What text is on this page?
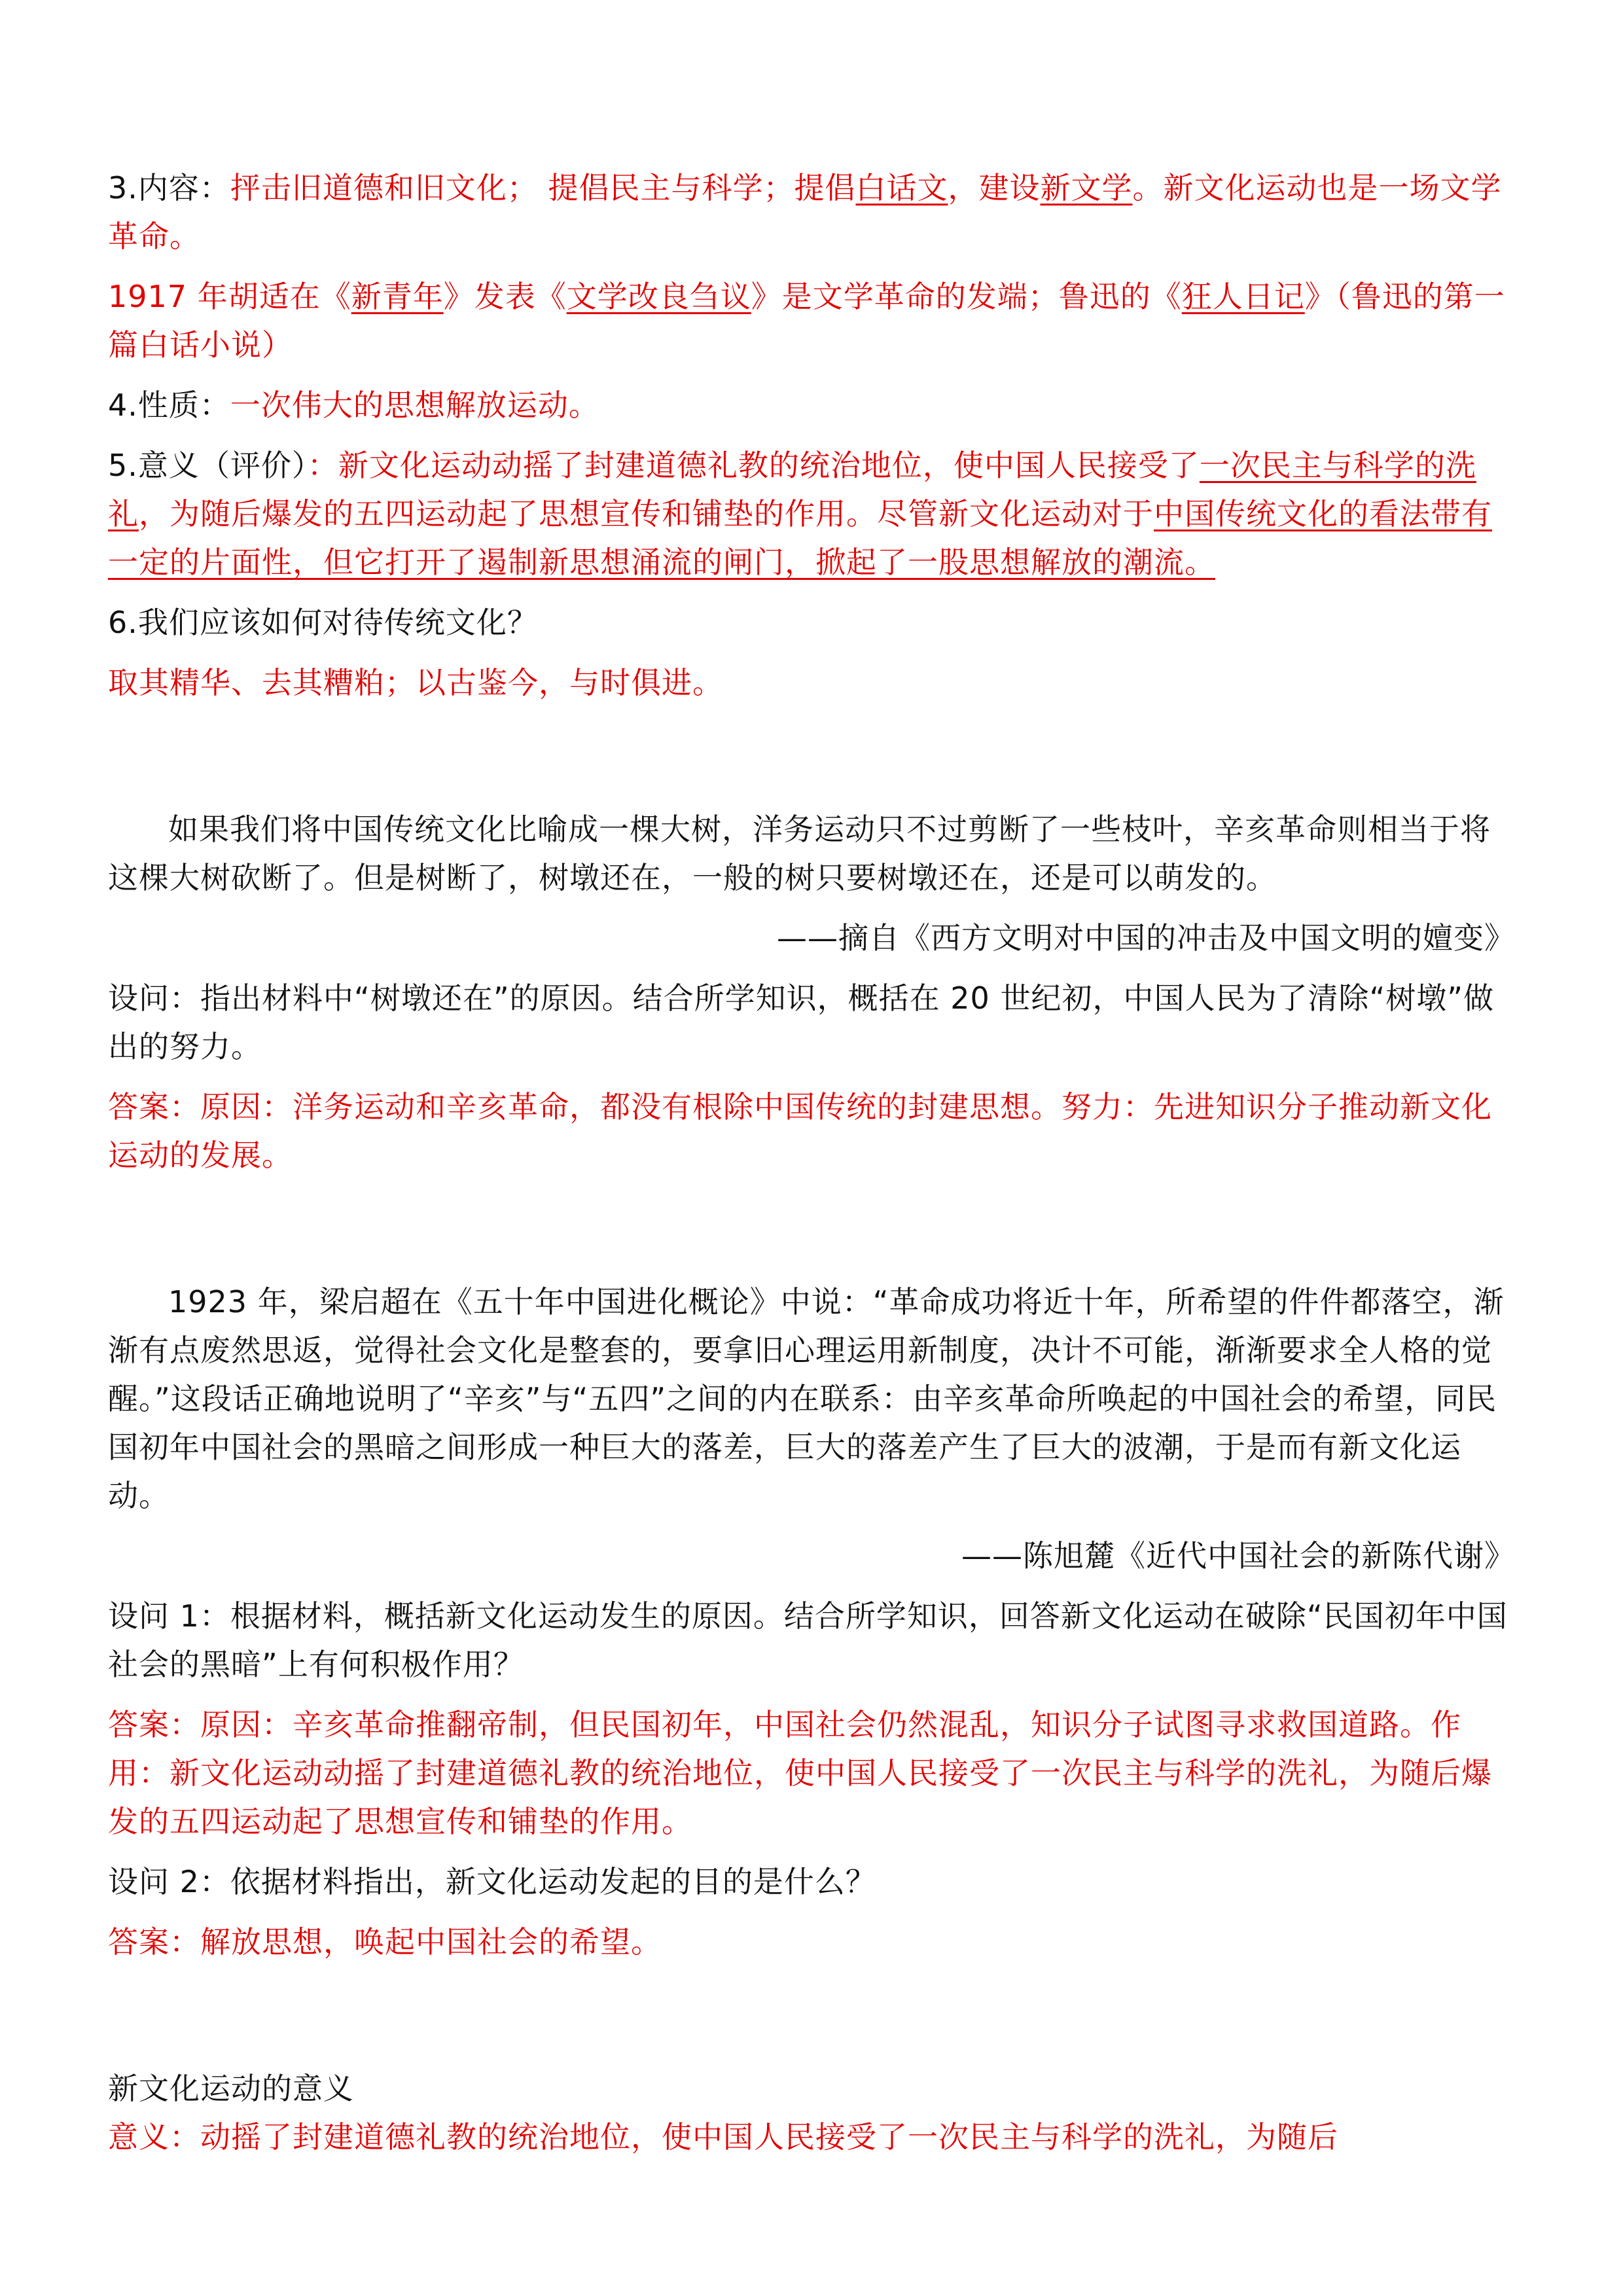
3.内容：抨击旧道德和旧文化； 提倡民主与科学；提倡白话文，建设新文学。新文化运动也是一场文学革命。

1917 年胡适在《新青年》发表《文学改良刍议》是文学革命的发端；鲁迅的《狂人日记》（鲁迅的第一篇白话小说）

4.性质：一次伟大的思想解放运动。

5.意义（评价）：新文化运动动摇了封建道德礼教的统治地位，使中国人民接受了一次民主与科学的洗礼，为随后爆发的五四运动起了思想宣传和铺垫的作用。尽管新文化运动对于中国传统文化的看法带有一定的片面性，但它打开了遏制新思想涌流的闸门，掀起了一股思想解放的潮流。

6.我们应该如何对待传统文化？

取其精华、去其糟粕；以古鉴今，与时俱进。

如果我们将中国传统文化比喻成一棵大树，洋务运动只不过剪断了一些枝叶，辛亥革命则相当于将这棵大树砍断了。但是树断了，树墩还在，一般的树只要树墩还在，还是可以萌发的。

——摘自《西方文明对中国的冲击及中国文明的嬗变》

设问：指出材料中“树墩还在”的原因。结合所学知识，概括在 20 世纪初，中国人民为了清除“树墩”做出的努力。

答案：原因：洋务运动和辛亥革命，都没有根除中国传统的封建思想。努力：先进知识分子推动新文化运动的发展。

1923 年，梁启超在《五十年中国进化概论》中说：“革命成功将近十年，所希望的件件都落空，渐渐有点废然思返，觉得社会文化是整套的，要拿旧心理运用新制度，决计不可能，渐渐要求全人格的觉醒。”这段话正确地说明了“辛亥”与“五四”之间的内在联系：由辛亥革命所唤起的中国社会的希望，同民国初年中国社会的黑暗之间形成一种巨大的落差，巨大的落差产生了巨大的波潮，于是而有新文化运动。

——陈旭麓《近代中国社会的新陈代谢》

设问 1：根据材料，概括新文化运动发生的原因。结合所学知识，回答新文化运动在破除“民国初年中国社会的黑暗”上有何积极作用？

答案：原因：辛亥革命推翻帝制，但民国初年，中国社会仍然混乱，知识分子试图寻求救国道路。作用：新文化运动动摇了封建道德礼教的统治地位，使中国人民接受了一次民主与科学的洗礼，为随后爆发的五四运动起了思想宣传和铺垫的作用。

设问 2：依据材料指出，新文化运动发起的目的是什么？

答案：解放思想，唤起中国社会的希望。

新文化运动的意义

意义：动摇了封建道德礼教的统治地位，使中国人民接受了一次民主与科学的洗礼，为随后
